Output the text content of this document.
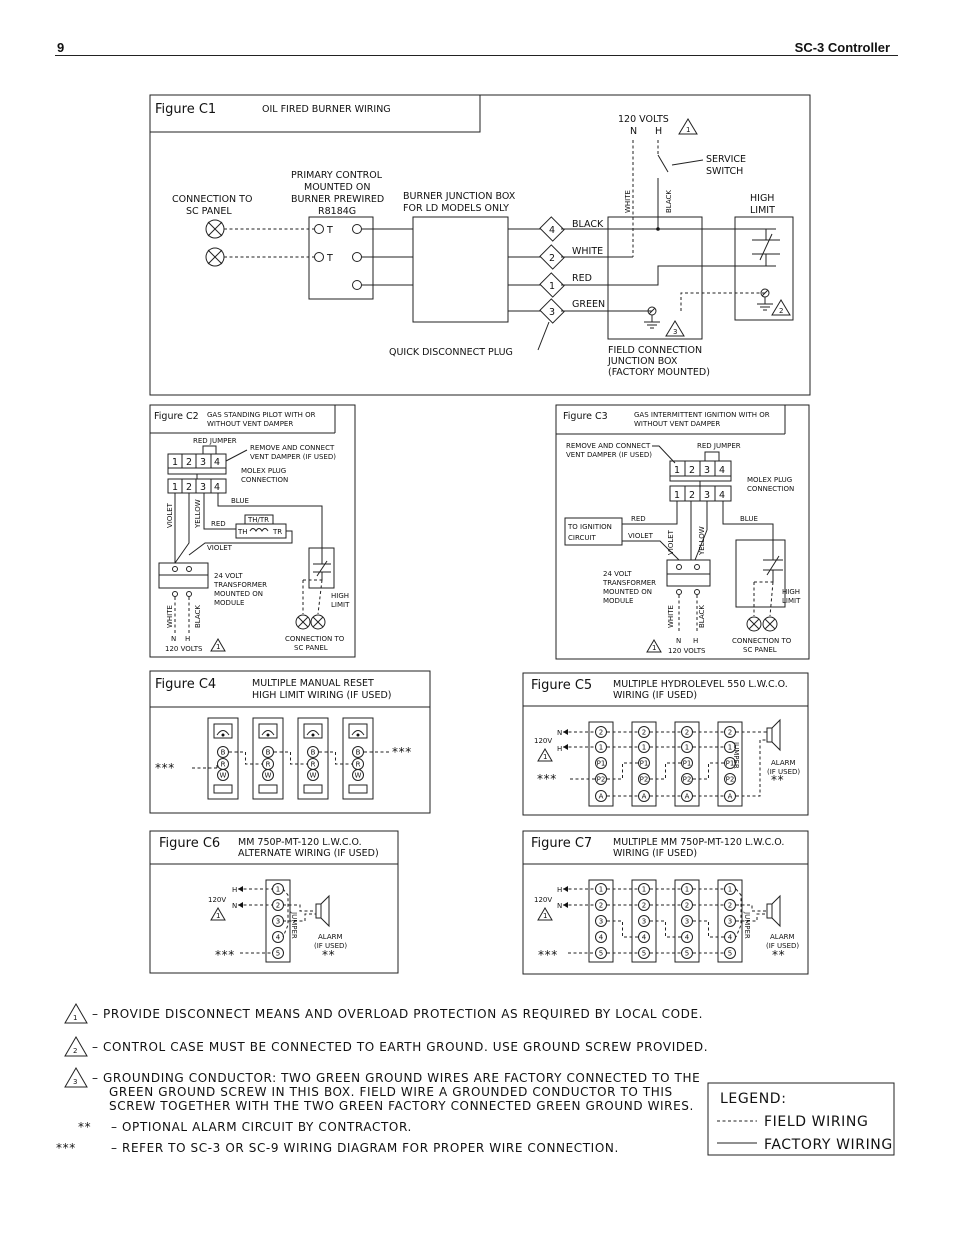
9	SC-3 Controller
Figure C1	OIL FIRED BURNER WIRING
120 VOLTS
N H	1
SERVICE
SWITCH
CONNECTION TO
SC PANEL
PRIMARY CONTROL
MOUNTED ON
BURNER PREWIRED
R8184G
T
T
BURNER JUNCTION BOX
FOR LD MODELS ONLY
4
2
1
3
QUICK DISCONNECT PLUG
BLACK
WHITE
RED
GREEN
WHITE	BLACK
3
FIELD CONNECTION
JUNCTION BOX
(FACTORY MOUNTED)
HIGH
LIMIT
2
Figure C2 GAS STANDING PILOT WITH OR
WITHOUT VENT DAMPER
RED JUMPER
REMOVE AND CONNECT
VENT DAMPER (IF USED)
1 2 3 4
MOLEX PLUG
CONNECTION
1 2 3 4
BLUE
VIOLET	YELLOW RED	TH/TR
TH	TR
VIOLET
24 VOLT
TRANSFORMER
MOUNTED ON
MODULE
WHITE	BLACK
N H
120 VOLTS 1
HIGH
LIMIT
CONNECTION TO
SC PANEL
Figure C3	GAS INTERMITTENT IGNITION WITH OR
WITHOUT VENT DAMPER
REMOVE AND CONNECT
VENT DAMPER (IF USED)
RED JUMPER
1 2 3 4
MOLEX PLUG
CONNECTION
1 2 3 4
TO IGNITION
CIRCUIT
RED	BLUE
VIOLET VIOLET	YELLOW
24 VOLT
TRANSFORMER
MOUNTED ON
MODULE
WHITE	BLACK
N H
120 VOLTS
1
HIGH
LIMIT
CONNECTION TO
SC PANEL
Figure C4	MULTIPLE MANUAL RESET
HIGH LIMIT WIRING (IF USED)
B
R
W
B
R
W
B
R
W
B
R
W
***
***
Figure C5 MULTIPLE HYDROLEVEL 550 L.W.C.O.
WIRING (IF USED)
N
H
120V
1
***	**
2
1
P1
P2
A
2
1
P1
P2
A
2
1
P1
P2
A
2
1
P1
P2
A
JUMPER	ALARM
(IF USED)
Figure C6 MM 750P-MT-120 L.W.C.O.
ALTERNATE WIRING (IF USED)
H
N
120V
1
***	**
1
2
3
4
5
JUMPER	ALARM
(IF USED)
Figure C7 MULTIPLE MM 750P-MT-120 L.W.C.O.
WIRING (IF USED)
H
N
120V
1
***	**
1
2
3
4
5
1
2
3
4
5
1
2
3
4
5
1
2
3
4
5
JUMPER	ALARM
(IF USED)
1 – PROVIDE DISCONNECT MEANS AND OVERLOAD PROTECTION AS REQUIRED BY LOCAL CODE.
2 – CONTROL CASE MUST BE CONNECTED TO EARTH GROUND. USE GROUND SCREW PROVIDED.
3 – GROUNDING CONDUCTOR: TWO GREEN GROUND WIRES ARE FACTORY CONNECTED TO THE
GREEN GROUND SCREW IN THIS BOX. FIELD WIRE A GROUNDED CONDUCTOR TO THIS
SCREW TOGETHER WITH THE TWO GREEN FACTORY CONNECTED GREEN GROUND WIRES.
** – OPTIONAL ALARM CIRCUIT BY CONTRACTOR.
***	– REFER TO SC-3 OR SC-9 WIRING DIAGRAM FOR PROPER WIRE CONNECTION.
LEGEND:
FIELD WIRING
FACTORY WIRING
